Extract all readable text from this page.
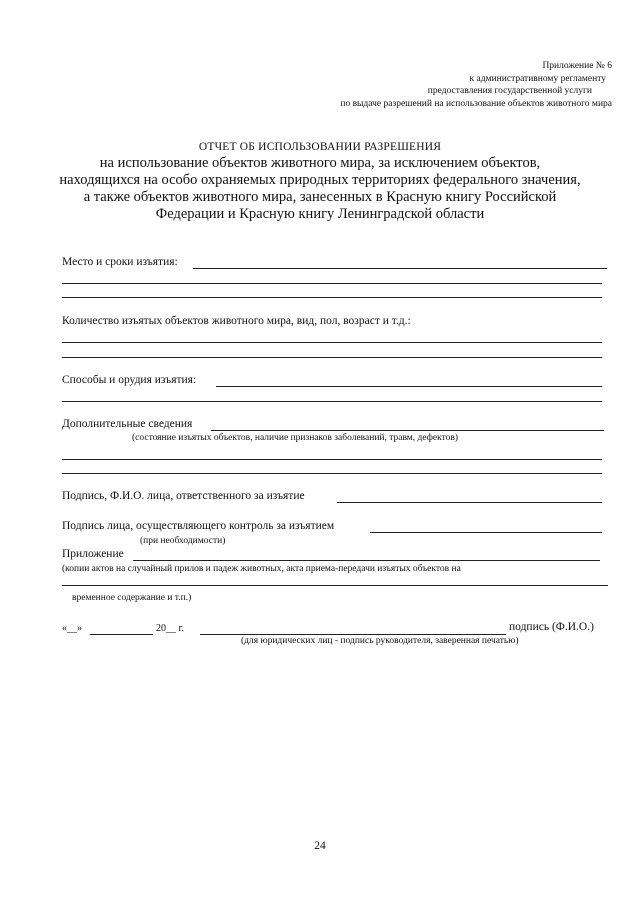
Приложение № 6
к административному регламенту
предоставления государственной услуги
по выдаче разрешений на использование объектов животного мира
ОТЧЕТ ОБ ИСПОЛЬЗОВАНИИ РАЗРЕШЕНИЯ
на использование объектов животного мира, за исключением объектов,
находящихся на особо охраняемых природных территориях федерального значения,
а также объектов животного мира, занесенных в Красную книгу Российской
Федерации и Красную книгу Ленинградской области
Место и сроки изъятия:
Количество изъятых объектов животного мира, вид, пол, возраст и т.д.:
Способы и орудия изъятия:
Дополнительные сведения
(состояние изъятых объектов, наличие признаков заболеваний, травм, дефектов)
Подпись, Ф.И.О. лица, ответственного за изъятие
Подпись лица, осуществляющего контроль за изъятием
(при необходимости)
Приложение
(копии актов на случайный прилов и падеж животных, акта приема-передачи изъятых объектов на
временное содержание и т.п.)
«__»	20__ г.	подпись (Ф.И.О.)
(для юридических лиц - подпись руководителя, заверенная печатью)
24
